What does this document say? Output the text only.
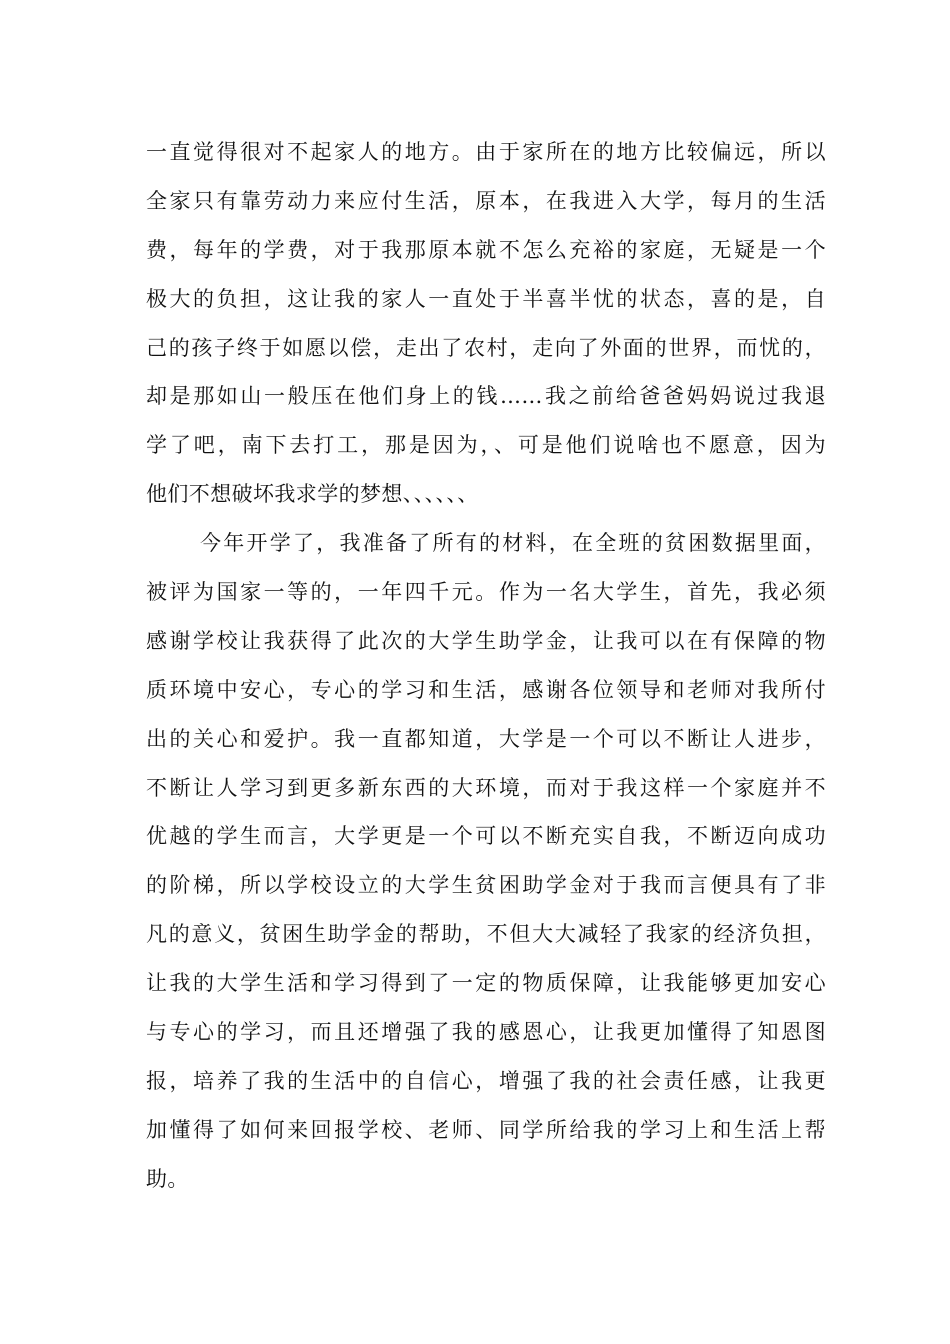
一直觉得很对不起家人的地方。由于家所在的地方比较偏远，所以
全家只有靠劳动力来应付生活，原本，在我进入大学，每月的生活
费，每年的学费，对于我那原本就不怎么充裕的家庭，无疑是一个
极大的负担，这让我的家人一直处于半喜半忧的状态，喜的是，自
己的孩子终于如愿以偿，走出了农村，走向了外面的世界，而忧的，
却是那如山一般压在他们身上的钱……我之前给爸爸妈妈说过我退
学了吧，南下去打工，那是因为，、可是他们说啥也不愿意，因为
他们不想破坏我求学的梦想、、、、、、
今年开学了，我准备了所有的材料，在全班的贫困数据里面，
被评为国家一等的，一年四千元。作为一名大学生，首先，我必须
感谢学校让我获得了此次的大学生助学金，让我可以在有保障的物
质环境中安心，专心的学习和生活，感谢各位领导和老师对我所付
出的关心和爱护。我一直都知道，大学是一个可以不断让人进步，
不断让人学习到更多新东西的大环境，而对于我这样一个家庭并不
优越的学生而言，大学更是一个可以不断充实自我，不断迈向成功
的阶梯，所以学校设立的大学生贫困助学金对于我而言便具有了非
凡的意义，贫困生助学金的帮助，不但大大减轻了我家的经济负担，
让我的大学生活和学习得到了一定的物质保障，让我能够更加安心
与专心的学习，而且还增强了我的感恩心，让我更加懂得了知恩图
报，培养了我的生活中的自信心，增强了我的社会责任感，让我更
加懂得了如何来回报学校、老师、同学所给我的学习上和生活上帮
助。
